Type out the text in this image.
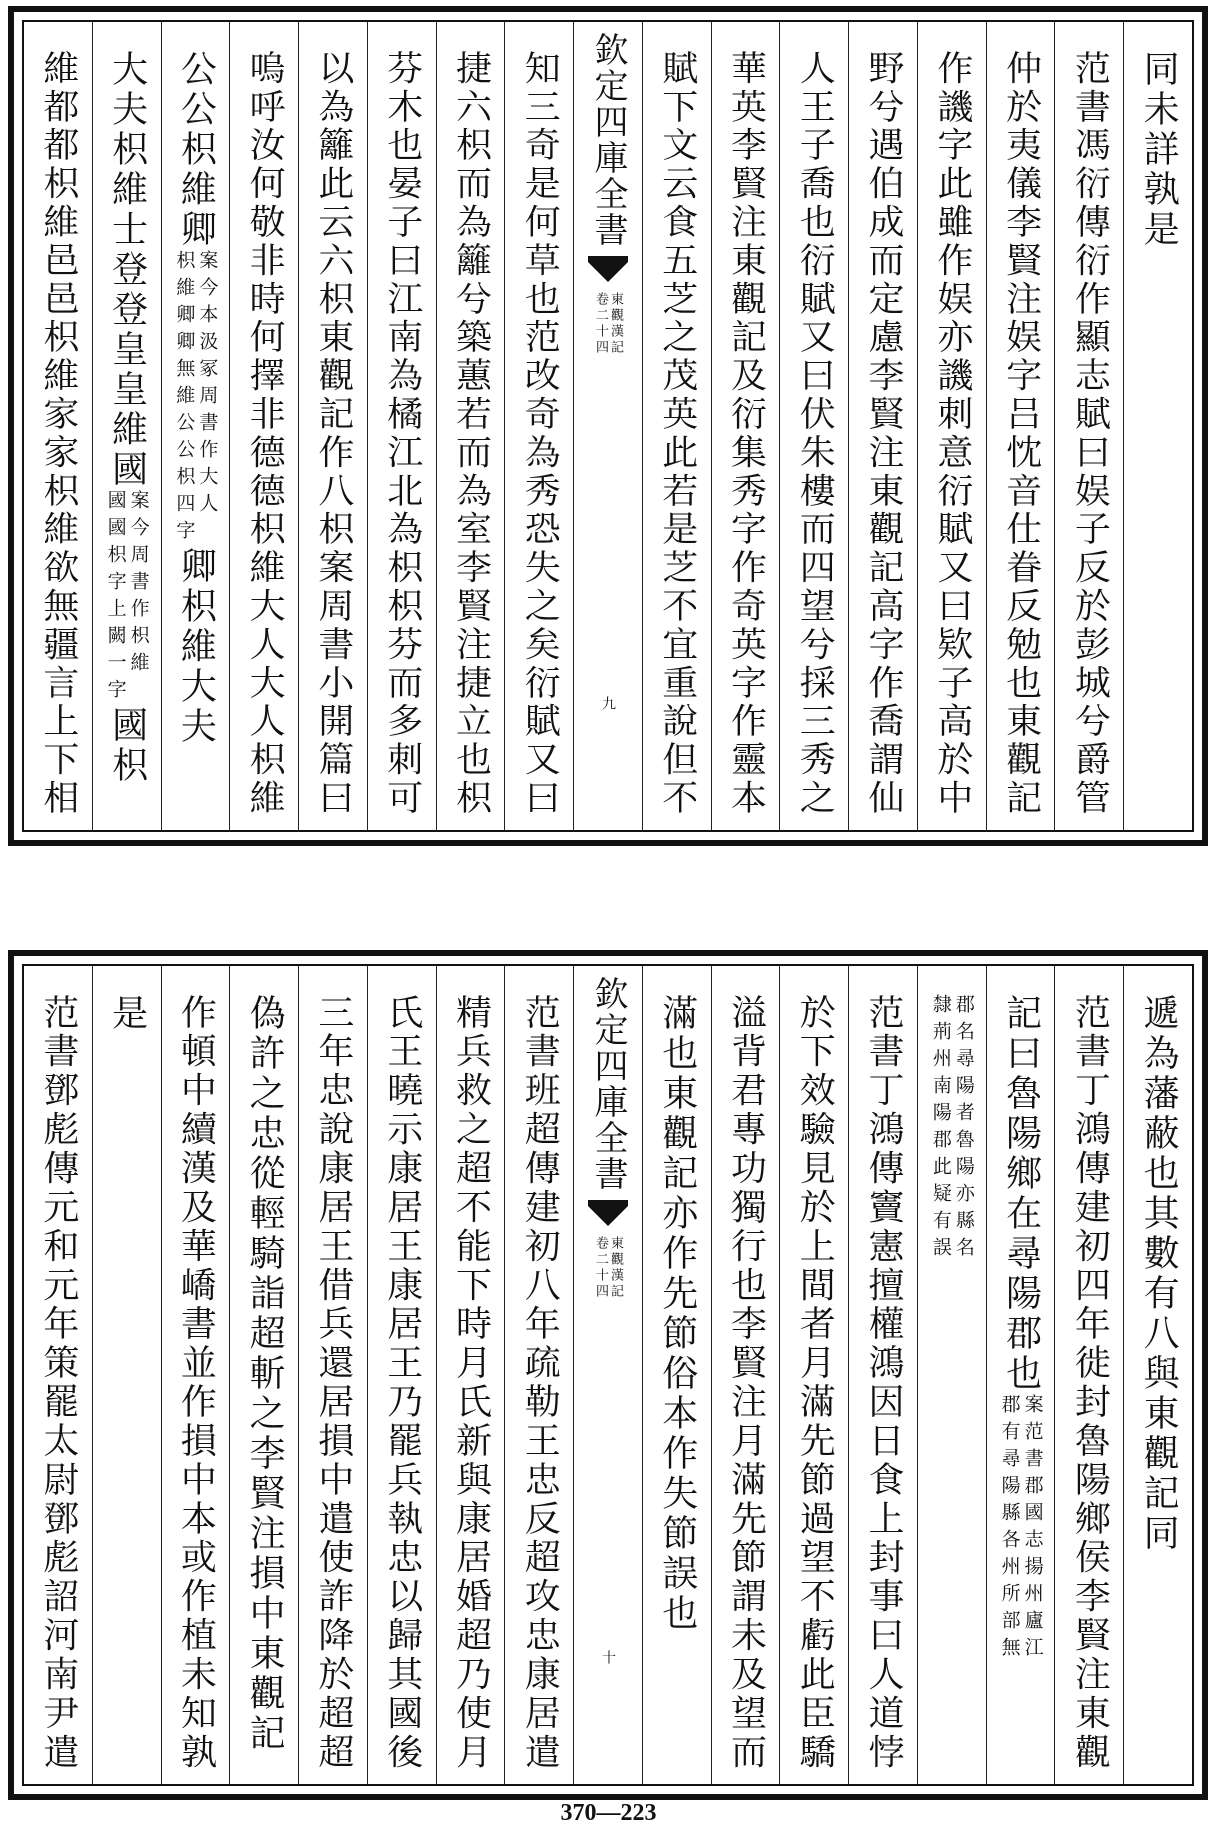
同未詳孰是
范書馮衍傳衍作顯志賦曰娱子反於彭城兮爵管
仲於夷儀李賢注娱字吕忱音仕眷反勉也東觀記
作譏字此雖作娱亦譏刺意衍賦又曰欵子高於中
野兮遇伯成而定慮李賢注東觀記高字作喬謂仙
人王子喬也衍賦又曰伏朱樓而四望兮採三秀之
華英李賢注東觀記及衍集秀字作奇英字作靈本
賦下文云食五芝之茂英此若是芝不宜重說但不
欽定四庫全書
東觀漢記
卷二十四
九
知三奇是何草也范改奇為秀恐失之矣衍賦又曰
捷六枳而為籬兮築蕙若而為室李賢注捷立也枳
芬木也晏子曰江南為橘江北為枳枳芬而多刺可
以為籬此云六枳東觀記作八枳案周書小開篇曰
嗚呼汝何敬非時何擇非德德枳維大人大人枳維
公公枳維卿
案今本汲冢周書作大人
枳維卿卿無維公公枳四字
卿枳維大夫
大夫枳維士登登皇皇維國
案今周書作枳維
國國枳字上闕一字
國枳
維都都枳維邑邑枳維家家枳維欲無疆言上下相
遞為藩蔽也其數有八與東觀記同
范書丁鴻傳建初四年徙封魯陽鄉侯李賢注東觀
記曰魯陽鄉在尋陽郡也
案范書郡國志揚州廬江
郡有尋陽縣各州所部無
郡名尋陽者魯陽亦縣名
隸荊州南陽郡此疑有誤
范書丁鴻傳竇憲擅權鴻因日食上封事曰人道悖
於下效驗見於上間者月滿先節過望不虧此臣驕
溢背君專功獨行也李賢注月滿先節謂未及望而
滿也東觀記亦作先節俗本作失節誤也
欽定四庫全書
東觀漢記
卷二十四
十
范書班超傳建初八年疏勒王忠反超攻忠康居遣
精兵救之超不能下時月氏新與康居婚超乃使月
氏王曉示康居王康居王乃罷兵執忠以歸其國後
三年忠說康居王借兵還居損中遣使詐降於超超
偽許之忠從輕騎詣超斬之李賢注損中東觀記
作頓中續漢及華嶠書並作損中本或作植未知孰
是
范書鄧彪傳元和元年策罷太尉鄧彪詔河南尹遣
370—223
